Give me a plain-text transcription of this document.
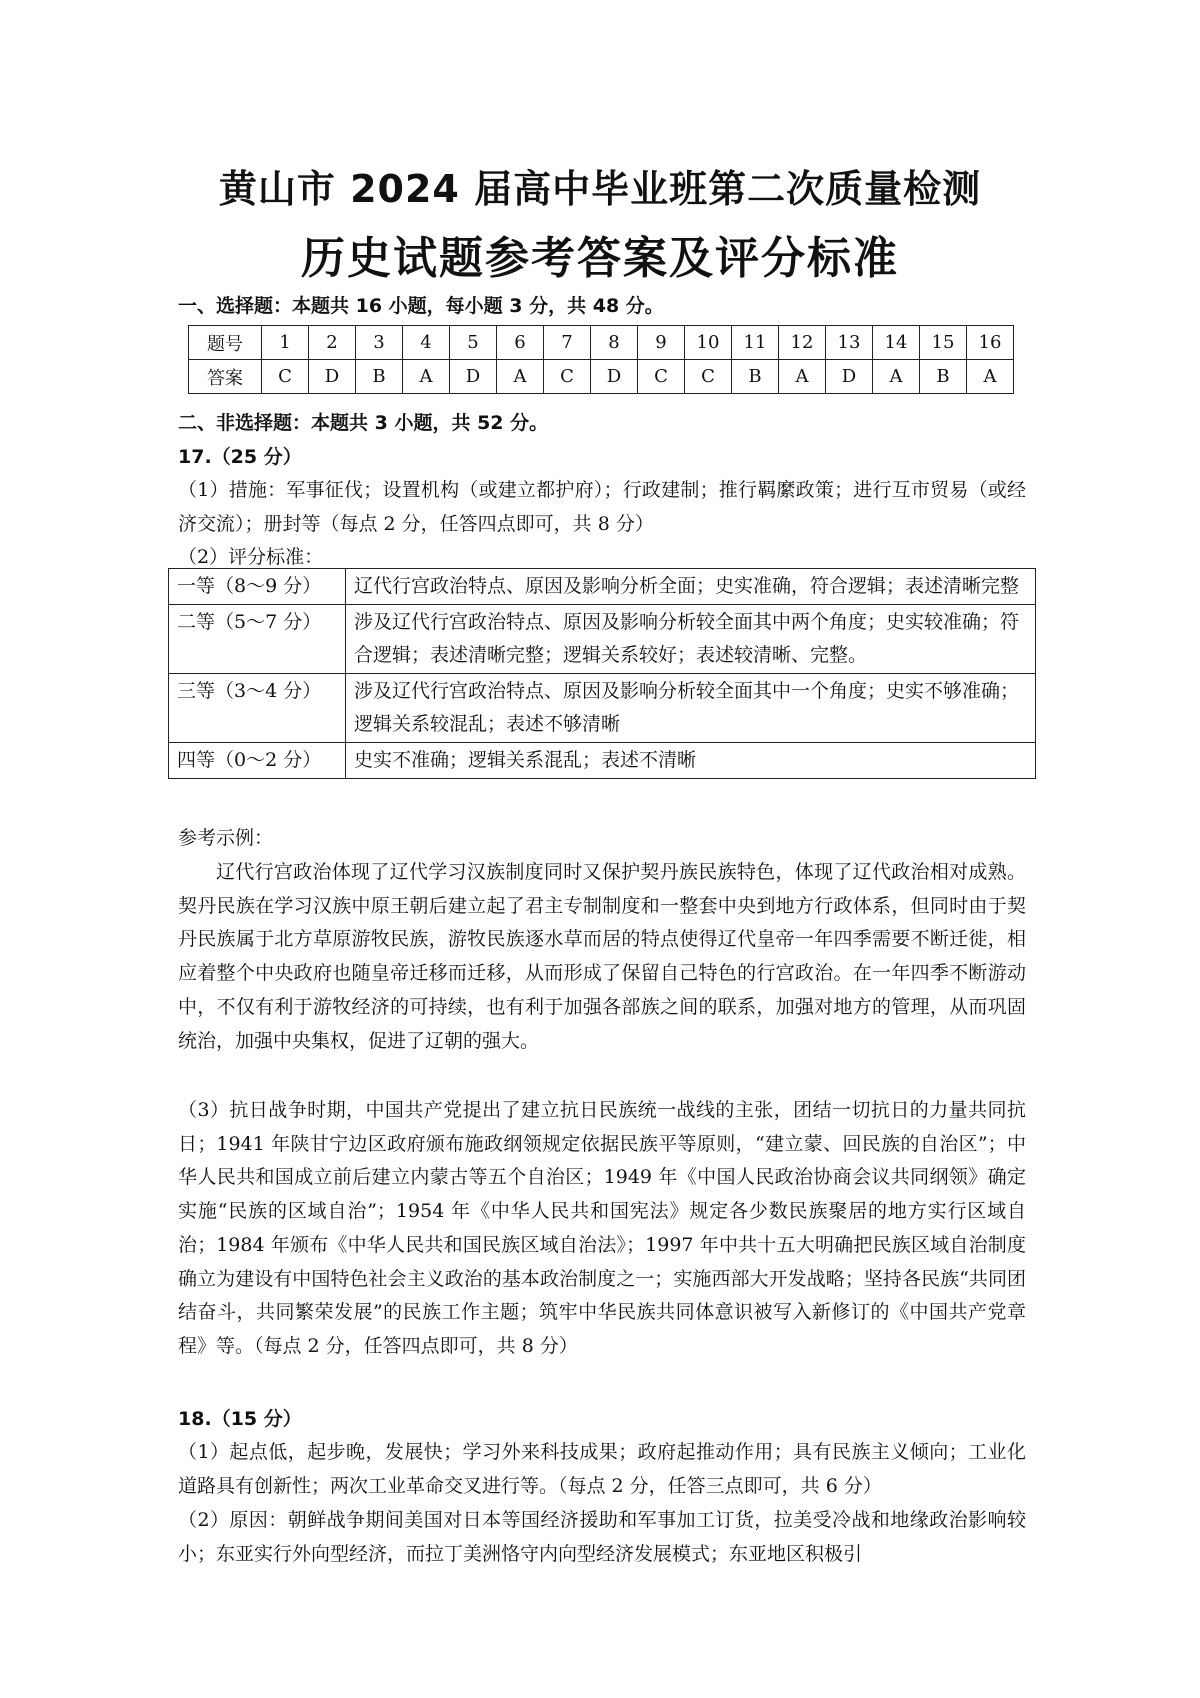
黄山市 2024 届高中毕业班第二次质量检测
历史试题参考答案及评分标准
一、选择题：本题共 16 小题，每小题 3 分，共 48 分。
题号	1	2	3	4	5	6	7	8	9	10	11	12	13	14	15	16
答案	C	D	B	A	D	A	C	D	C	C	B	A	D	A	B	A
二、非选择题：本题共 3 小题，共 52 分。
17.（25 分）
（1）措施：军事征伐；设置机构（或建立都护府）；行政建制；推行羁縻政策；进行互市贸易（或经济交流）；册封等（每点 2 分，任答四点即可，共 8 分）
（2）评分标准：
一等（8～9 分）	辽代行宫政治特点、原因及影响分析全面；史实准确，符合逻辑；表述清晰完整
二等（5～7 分）	涉及辽代行宫政治特点、原因及影响分析较全面其中两个角度；史实较准确；符合逻辑；表述清晰完整；逻辑关系较好；表述较清晰、完整。
三等（3～4 分）	涉及辽代行宫政治特点、原因及影响分析较全面其中一个角度；史实不够准确；逻辑关系较混乱；表述不够清晰
四等（0～2 分）	史实不准确；逻辑关系混乱；表述不清晰
参考示例：
辽代行宫政治体现了辽代学习汉族制度同时又保护契丹族民族特色，体现了辽代政治相对成熟。契丹民族在学习汉族中原王朝后建立起了君主专制制度和一整套中央到地方行政体系，但同时由于契丹民族属于北方草原游牧民族，游牧民族逐水草而居的特点使得辽代皇帝一年四季需要不断迁徙，相应着整个中央政府也随皇帝迁移而迁移，从而形成了保留自己特色的行宫政治。在一年四季不断游动中，不仅有利于游牧经济的可持续，也有利于加强各部族之间的联系，加强对地方的管理，从而巩固统治，加强中央集权，促进了辽朝的强大。
（3）抗日战争时期，中国共产党提出了建立抗日民族统一战线的主张，团结一切抗日的力量共同抗日；1941 年陕甘宁边区政府颁布施政纲领规定依据民族平等原则，“建立蒙、回民族的自治区”；中华人民共和国成立前后建立内蒙古等五个自治区；1949 年《中国人民政治协商会议共同纲领》确定实施“民族的区域自治”；1954 年《中华人民共和国宪法》规定各少数民族聚居的地方实行区域自治；1984 年颁布《中华人民共和国民族区域自治法》；1997 年中共十五大明确把民族区域自治制度确立为建设有中国特色社会主义政治的基本政治制度之一；实施西部大开发战略；坚持各民族“共同团结奋斗，共同繁荣发展”的民族工作主题；筑牢中华民族共同体意识被写入新修订的《中国共产党章程》等。（每点 2 分，任答四点即可，共 8 分）
18.（15 分）
（1）起点低，起步晚，发展快；学习外来科技成果；政府起推动作用；具有民族主义倾向；工业化道路具有创新性；两次工业革命交叉进行等。（每点 2 分，任答三点即可，共 6 分）
（2）原因：朝鲜战争期间美国对日本等国经济援助和军事加工订货，拉美受冷战和地缘政治影响较小；东亚实行外向型经济，而拉丁美洲恪守内向型经济发展模式；东亚地区积极引
